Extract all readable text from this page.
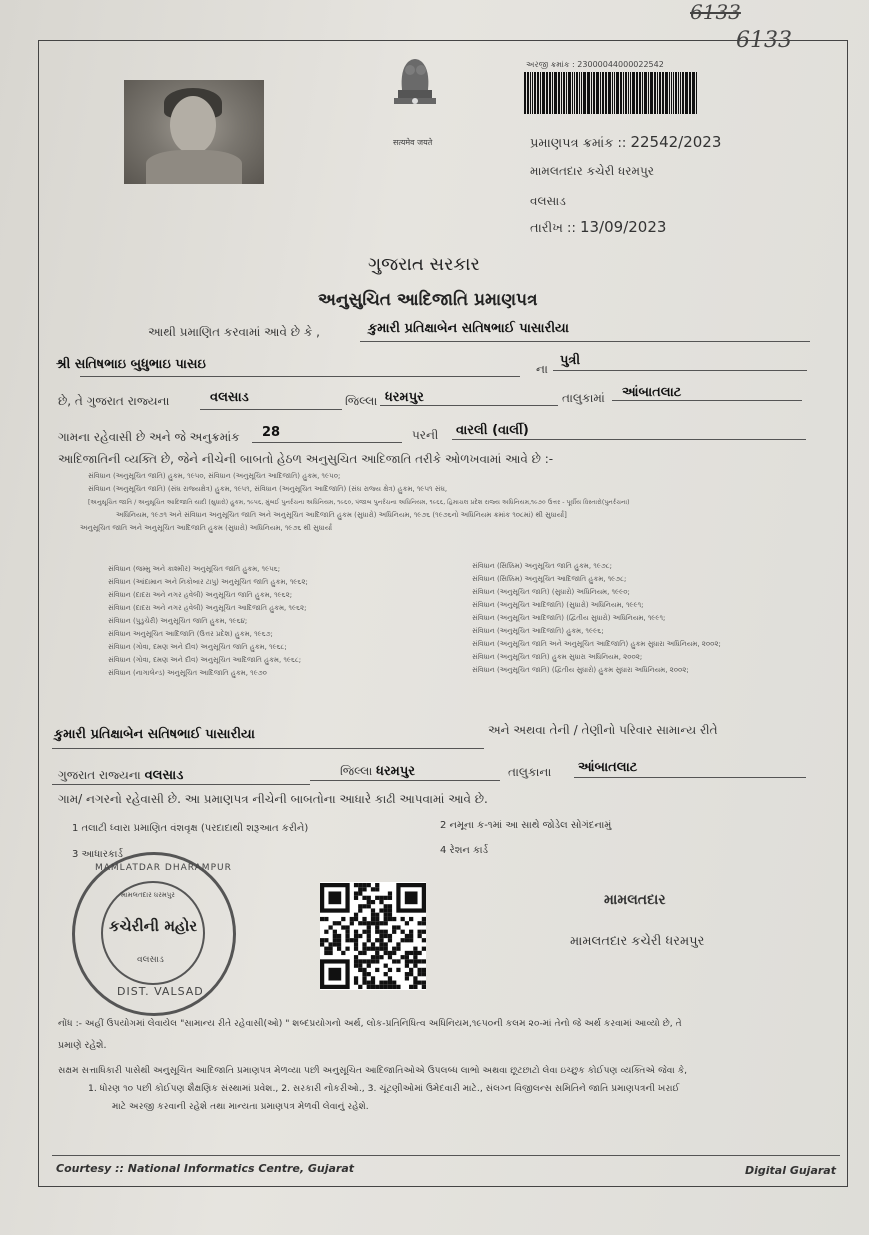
6133
6133
सत्यमेव जयते
અરજી ક્રમાંક : 23000044000022542
પ્રમાણપત્ર ક્રમાંક :: 22542/2023
મામલતદાર કચેરી ધરમપુર
વલસાડ
તારીખ :: 13/09/2023
ગુજરાત સરકાર
અનુસુચિત આદિજાતિ પ્રમાણપત્ર
આથી પ્રમાણિત કરવામાં આવે છે કે ,	કુમારી પ્રતિક્ષાબેન સતિષભાઈ પાસારીયા
શ્રી સતિષભાઇ બુધુભાઇ પાસઇ	ના
પુત્રી
છે, તે ગુજરાત રાજ્યના	વલસાડ	જિલ્લા ધરમપુર	તાલુકામાં આંબાતલાટ
ગામના રહેવાસી છે અને જે અનુક્રમાંક 28	પરની વારલી (વાર્લી)
આદિજાતિની વ્યક્તિ છે, જેને નીચેની બાબતો હેઠળ અનુસુચિત આદિજાતિ તરીકે ઓળખવામાં આવે છે :-
સંવિધાન (અનુસૂચિત જાતિ) હુકમ, ૧૯૫૦, સંવિધાન (અનુસૂચિત આદિજાતિ) હુકમ, ૧૯૫૦;
સંવિધાન (અનુસૂચિત જાતિ) (સંઘ રાજ્યક્ષેત્ર) હુકમ, ૧૯૫૧, સંવિધાન (અનુસૂચિત આદિજાતિ) (સંઘ રાજ્ય ક્ષેત્ર) હુકમ, ૧૯૫૧ સંઘ,
[અનુસૂચિત જાતિ / અનુસૂચિત આદિજાતિ યાદી (સુધારો) હુકમ, ૧૯૫૬, મુંબઈ પુનર્રચના અધિનિયમ, ૧૯૬૦, પંજાબ પુનર્રચના અધિનિયમ, ૧૯૬૬, હિમાચલ પ્રદેશ રાજ્ય અધિનિયમ,૧૯૭૦ ઉત્તર - પૂર્વીય વિસ્તારો(પુનર્રચના)
અધિનિયમ, ૧૯૭૧ અને સંવિધાન અનુસૂચિત જાતિ અને અનુસૂચિત આદિજાતિ હુકમ (સુધારો) અધિનિયમ, ૧૯૭૬ (૧૯૭૬નો અધિનિયમ ક્રમાંક ૧૦૮માં) થી સુધાર્યા]
અનુસૂચિત જાતિ અને અનુસૂચિત આદિજાતિ હુકમ (સુધારો) અધિનિયમ, ૧૯૭૬ થી સુધાર્યા
સંવિધાન (જમ્મુ અને કાશ્મીર) અનુસૂચિત જાતિ હુકમ, ૧૯૫૬;
સંવિધાન (આંદામાન અને નિકોબાર ટાપુ) અનુસૂચિત જાતિ હુકમ, ૧૯૬૨;
સંવિધાન (દાદરા અને નગર હવેલી) અનુસૂચિત જાતિ હુકમ, ૧૯૬૨;
સંવિધાન (દાદરા અને નગર હવેલી) અનુસૂચિત આદિજાતિ હુકમ, ૧૯૬૨;
સંવિધાન (પુડુચેરી) અનુસૂચિત જાતિ હુકમ, ૧૯૬૪;
સંવિધાન અનુસૂચિત આદિજાતિ (ઉત્તર પ્રદેશ) હુકમ, ૧૯૬૭;
સંવિધાન (ગોવા, દમણ અને દીવ) અનુસૂચિત જાતિ હુકમ, ૧૯૬૮;
સંવિધાન (ગોવા, દમણ અને દીવ) અનુસૂચિત આદિજાતિ હુકમ, ૧૯૬૮;
સંવિધાન (નાગાલેન્ડ) અનુસૂચિત આદિજાતિ હુકમ, ૧૯૭૦
સંવિધાન (સિક્કિમ) અનુસૂચિત જાતિ હુકમ, ૧૯૭૮;
સંવિધાન (સિક્કિમ) અનુસૂચિત આદિજાતિ હુકમ, ૧૯૭૮;
સંવિધાન (અનુસૂચિત જાતિ) (સુધારો) અધિનિયમ, ૧૯૯૦;
સંવિધાન (અનુસૂચિત આદિજાતિ) (સુધારો) અધિનિયમ, ૧૯૯૧;
સંવિધાન (અનુસૂચિત આદિજાતિ) (દ્વિતીય સુધારો) અધિનિયમ, ૧૯૯૧;
સંવિધાન (અનુસૂચિત આદિજાતિ) હુકમ, ૧૯૯૬;
સંવિધાન (અનુસૂચિત જાતિ અને અનુસૂચિત આદિજાતિ) હુકમ સુધારા અધિનિયમ, ૨૦૦૨;
સંવિધાન (અનુસૂચિત જાતિ) હુકમ સુધારા અધિનિયમ, ૨૦૦૨;
સંવિધાન (અનુસૂચિત જાતિ) (દ્વિતીય સુધારો) હુકમ સુધારા અધિનિયમ, ૨૦૦૨;
કુમારી પ્રતિક્ષાબેન સતિષભાઈ પાસારીયા	અને અથવા તેની / તેણીનો પરિવાર સામાન્ય રીતે
ગુજરાત રાજ્યના વલસાડ	જિલ્લા ધરમપુર	તાલુકાના આંબાતલાટ
ગામ/ નગરનો રહેવાસી છે. આ પ્રમાણપત્ર નીચેની બાબતોના આધારે કાઢી આપવામાં આવે છે.
1 તલાટી ધ્વારા પ્રમાણિત વંશવૃક્ષ (પરદાદાથી શરૂઆત કરીને)	2 નમૂના ક-૧માં આ સાથે જોડેલ સોગંદનામું
3 આધારકાર્ડ	4 રેશન કાર્ડ
MAMLATDAR DHARAMPUR
મામલતદાર ધરમપુર
કચેરીની મહોર
વલસાડ
DIST. VALSAD
મામલતદાર
મામલતદાર કચેરી ધરમપુર
નોંધ :- અહીં ઉપયોગમાં લેવાયેલ "સામાન્ય રીતે રહેવાસી(ઓ) " શબ્દપ્રયોગનો અર્થ, લોક-પ્રતિનિધિત્વ અધિનિયમ,૧૯૫૦ની કલમ ૨૦-માં તેનો જે અર્થ કરવામાં આવ્યો છે, તે
પ્રમાણે રહેશે.
સક્ષમ સત્તાધિકારી પાસેથી અનુસૂચિત આદિજાતિ પ્રમાણપત્ર મેળવ્યા પછી અનુસૂચિત આદિજાતિઓએ ઉપલબ્ધ લાભો અથવા છૂટછાટો લેવા ઇચ્છુક કોઈપણ વ્યક્તિએ જેવા કે,
1. ધોરણ ૧૦ પછી કોઈપણ શૈક્ષણિક સંસ્થામાં પ્રવેશ., 2. સરકારી નોકરીઓ., 3. ચૂંટણીઓમાં ઉમેદવારી માટે., સંલગ્ન વિજીલન્સ સમિતિને જાતિ પ્રમાણપત્રની ખરાઈ
માટે અરજી કરવાની રહેશે તથા માન્યતા પ્રમાણપત્ર મેળવી લેવાનું રહેશે.
Courtesy :: National Informatics Centre, Gujarat	Digital Gujarat
